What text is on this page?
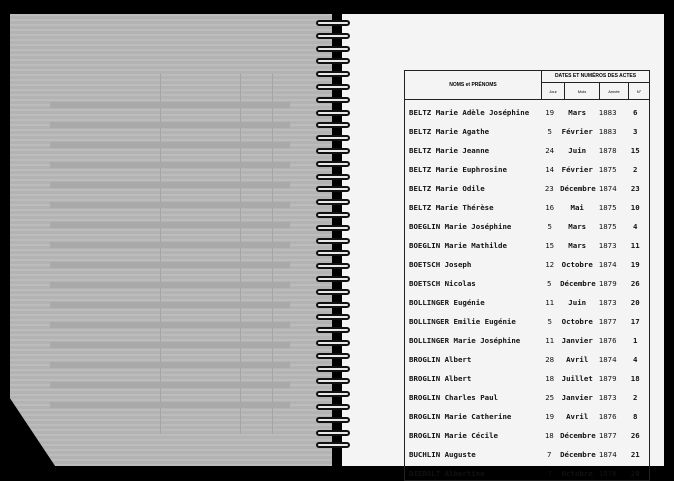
NOMS et PRÉNOMS
DATES ET NUMÉROS DES ACTES
Jour	Mois	Année	N°
BELTZ Marie Adèle Joséphine	19	Mars	1883	6
BELTZ Marie Agathe	5	Février 1883	3
BELTZ Marie Jeanne	24	Juin	1878	15
BELTZ Marie Euphrosine	14	Février 1875	2
BELTZ Marie Odile	23 Décembre 1874	23
BELTZ Marie Thérèse	16	Mai	1875	10
BOEGLIN Marie Joséphine	5	Mars	1875	4
BOEGLIN Marie Mathilde	15	Mars	1873	11
BOETSCH Joseph	12	Octobre 1874	19
BOETSCH Nicolas	5	Décembre 1879	26
BOLLINGER Eugénie	11	Juin	1873	20
BOLLINGER Emilie Eugénie	5	Octobre 1877	17
BOLLINGER Marie Joséphine	11	Janvier 1876	1
BROGLIN Albert	28	Avril	1874	4
BROGLIN Albert	18	Juillet 1879	18
BROGLIN Charles Paul	25	Janvier 1873	2
BROGLIN Marie Catherine	19	Avril	1876	8
BROGLIN Marie Cécile	18 Décembre 1877	26
BUCHLIN Auguste	7	Décembre 1874	21
DIEBOLT Albertine	7	Octobre 1878	20
